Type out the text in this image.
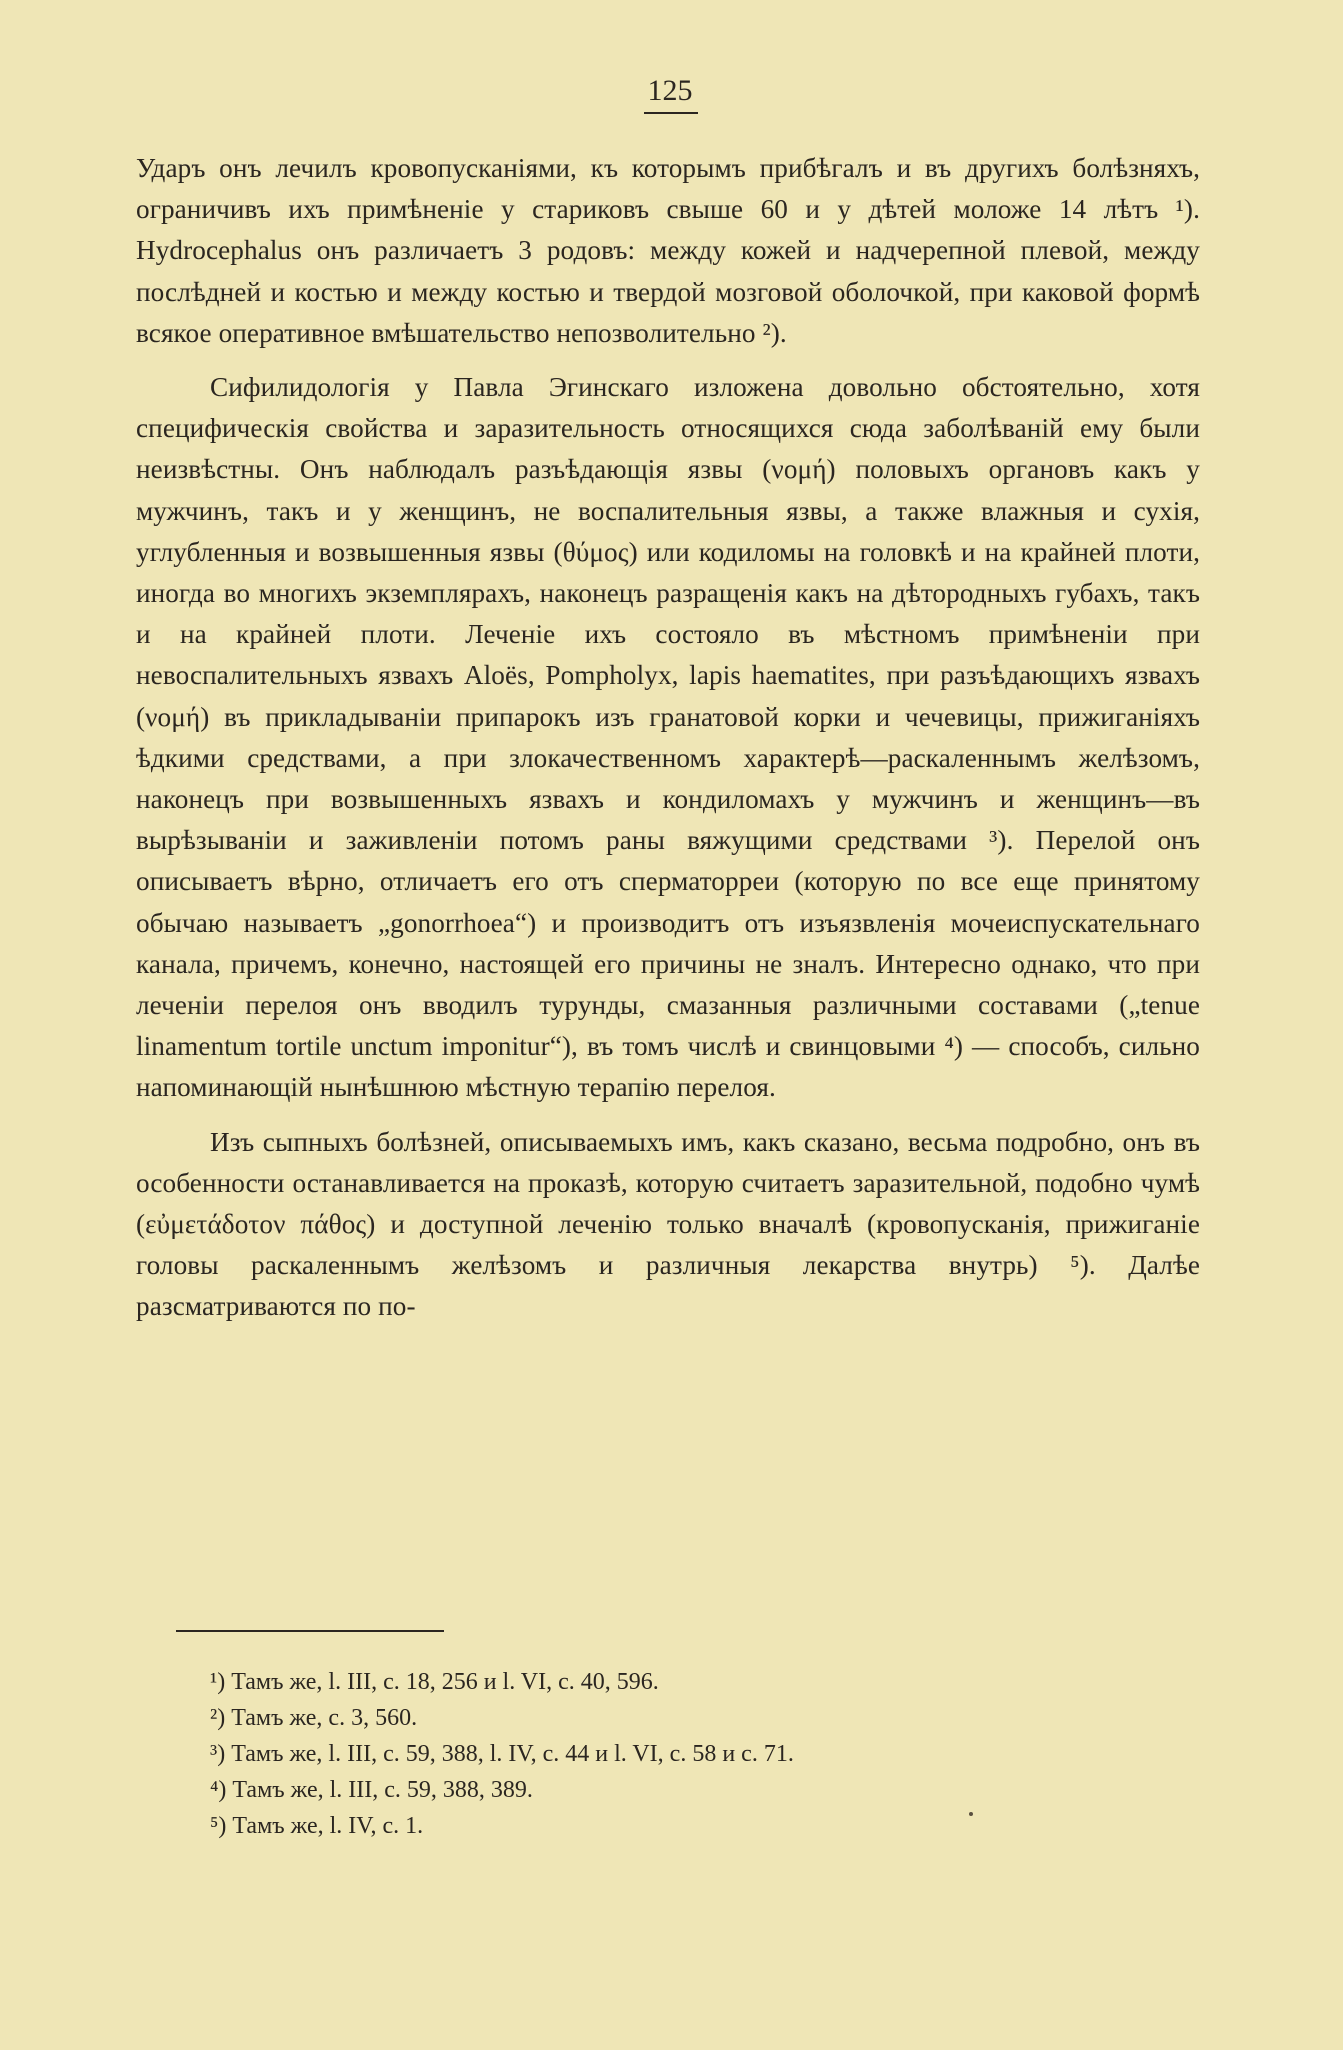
125

Ударъ онъ лечилъ кровопусканіями, къ которымъ прибѣгалъ и въ другихъ болѣзняхъ, ограничивъ ихъ примѣненіе у стариковъ свыше 60 и у дѣтей моложе 14 лѣтъ ¹). Hydrocephalus онъ различаетъ 3 родовъ: между кожей и надчерепной плевой, между послѣдней и костью и между костью и твердой мозговой оболочкой, при каковой формѣ всякое оперативное вмѣшательство непозволительно ²).

Сифилидологія у Павла Эгинскаго изложена довольно обстоятельно, хотя специфическія свойства и заразительность относящихся сюда заболѣваній ему были неизвѣстны. Онъ наблюдалъ разъѣдающія язвы (νομή) половыхъ органовъ какъ у мужчинъ, такъ и у женщинъ, не воспалительныя язвы, а также влажныя и сухія, углубленныя и возвышенныя язвы (θύμος) или кодиломы на головкѣ и на крайней плоти, иногда во многихъ экземплярахъ, наконецъ разращенія какъ на дѣтородныхъ губахъ, такъ и на крайней плоти. Леченіе ихъ состояло въ мѣстномъ примѣненіи при невоспалительныхъ язвахъ Aloës, Pompholyx, lapis haematites, при разъѣдающихъ язвахъ (νομή) въ прикладываніи припарокъ изъ гранатовой корки и чечевицы, прижиганіяхъ ѣдкими средствами, а при злокачественномъ характерѣ—раскаленнымъ желѣзомъ, наконецъ при возвышенныхъ язвахъ и кондиломахъ у мужчинъ и женщинъ—въ вырѣзываніи и заживленіи потомъ раны вяжущими средствами ³). Перелой онъ описываетъ вѣрно, отличаетъ его отъ сперматорреи (которую по все еще принятому обычаю называетъ „gonorrhoea“) и производитъ отъ изъязвленія мочеиспускательнаго канала, причемъ, конечно, настоящей его причины не зналъ. Интересно однако, что при леченіи перелоя онъ вводилъ турунды, смазанныя различными составами („tenue linamentum tortile unctum imponitur“), въ томъ числѣ и свинцовыми ⁴) — способъ, сильно напоминающій нынѣшнюю мѣстную терапію перелоя.

Изъ сыпныхъ болѣзней, описываемыхъ имъ, какъ сказано, весьма подробно, онъ въ особенности останавливается на проказѣ, которую считаетъ заразительной, подобно чумѣ (εὐμετάδοτον πάθος) и доступной леченію только вначалѣ (кровопусканія, прижиганіе головы раскаленнымъ желѣзомъ и различныя лекарства внутрь) ⁵). Далѣе разсматриваются по по-

¹) Тамъ же, l. III, c. 18, 256 и l. VI, c. 40, 596.

²) Тамъ же, с. 3, 560.

³) Тамъ же, l. III, c. 59, 388, l. IV, c. 44 и l. VI, c. 58 и с. 71.

⁴) Тамъ же, l. III, c. 59, 388, 389.

⁵) Тамъ же, l. IV, c. 1.
